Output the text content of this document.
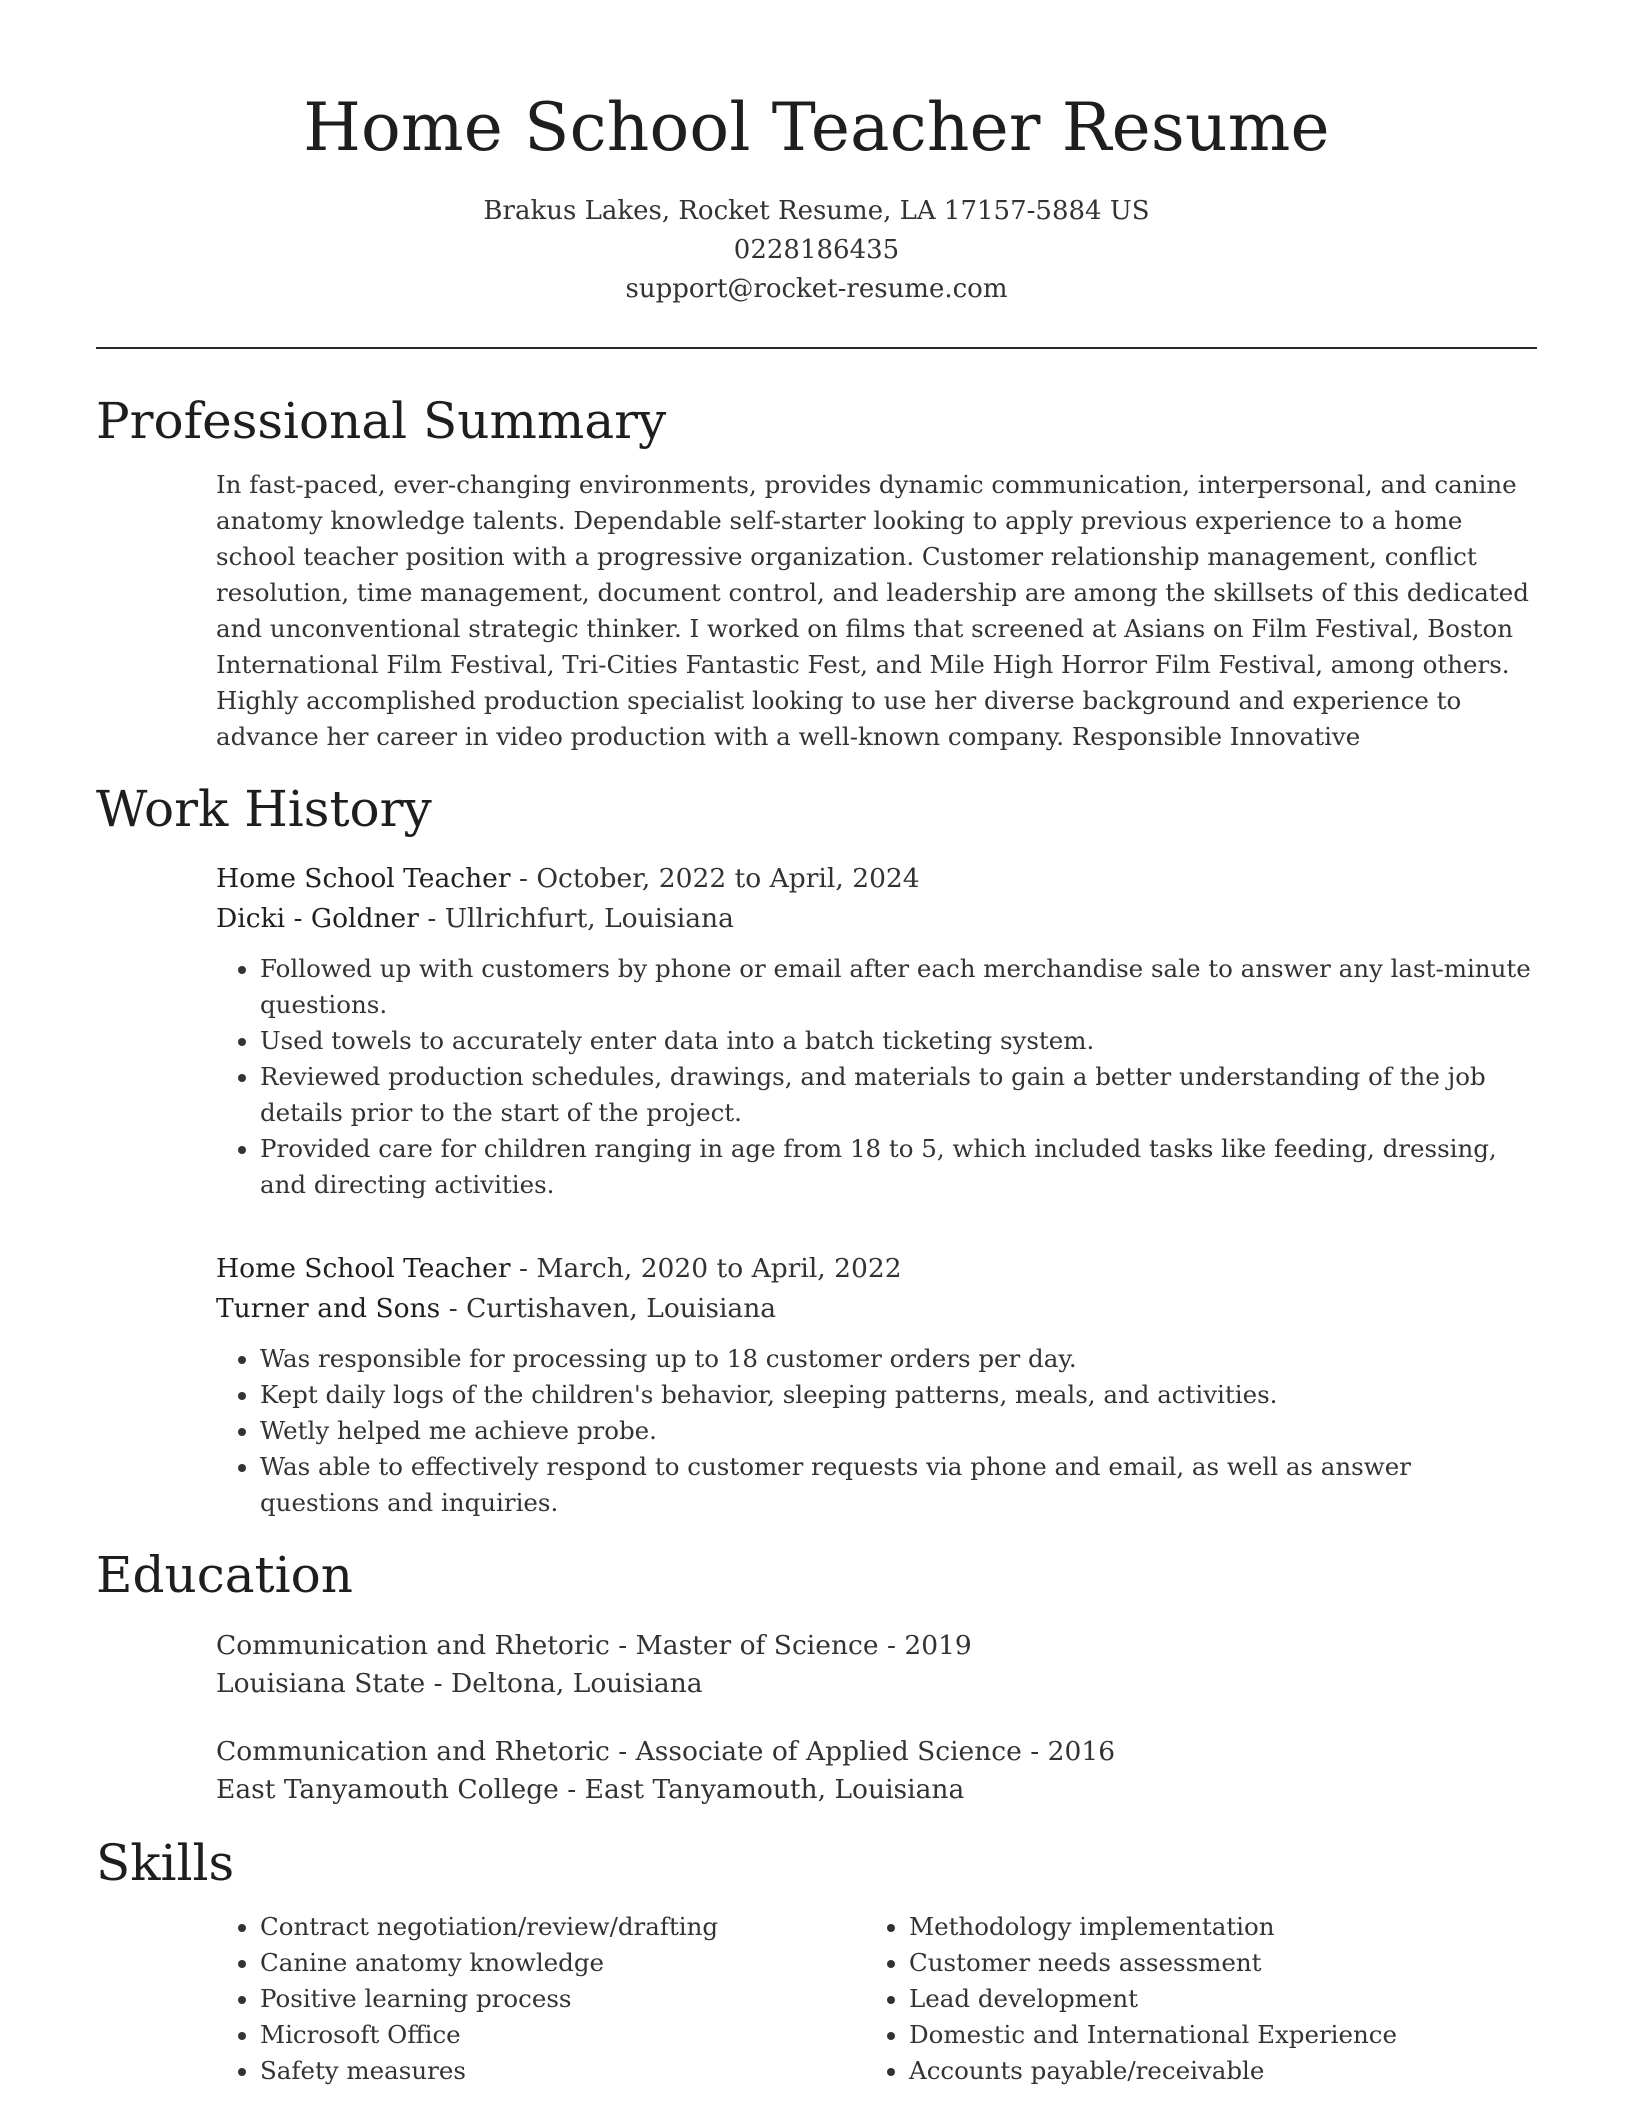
Home School Teacher Resume
Brakus Lakes, Rocket Resume, LA 17157-5884 US
0228186435
support@rocket-resume.com
Professional Summary

In fast-paced, ever-changing environments, provides dynamic communication, interpersonal, and canine anatomy knowledge talents. Dependable self-starter looking to apply previous experience to a home school teacher position with a progressive organization. Customer relationship management, conflict resolution, time management, document control, and leadership are among the skillsets of this dedicated and unconventional strategic thinker. I worked on films that screened at Asians on Film Festival, Boston International Film Festival, Tri-Cities Fantastic Fest, and Mile High Horror Film Festival, among others. Highly accomplished production specialist looking to use her diverse background and experience to advance her career in video production with a well-known company. Responsible Innovative

Work History
Home School Teacher - October, 2022 to April, 2024
Dicki - Goldner - Ullrichfurt, Louisiana
• Followed up with customers by phone or email after each merchandise sale to answer any last-minute questions.
• Used towels to accurately enter data into a batch ticketing system.
• Reviewed production schedules, drawings, and materials to gain a better understanding of the job details prior to the start of the project.
• Provided care for children ranging in age from 18 to 5, which included tasks like feeding, dressing, and directing activities.
Home School Teacher - March, 2020 to April, 2022
Turner and Sons - Curtishaven, Louisiana
• Was responsible for processing up to 18 customer orders per day.
• Kept daily logs of the children's behavior, sleeping patterns, meals, and activities.
• Wetly helped me achieve probe.
• Was able to effectively respond to customer requests via phone and email, as well as answer questions and inquiries.
Education
Communication and Rhetoric - Master of Science - 2019
Louisiana State - Deltona, Louisiana
Communication and Rhetoric - Associate of Applied Science - 2016
East Tanyamouth College - East Tanyamouth, Louisiana
Skills
• Contract negotiation/review/drafting
• Canine anatomy knowledge
• Positive learning process
• Microsoft Office
• Safety measures
• Methodology implementation
• Customer needs assessment
• Lead development
• Domestic and International Experience
• Accounts payable/receivable
